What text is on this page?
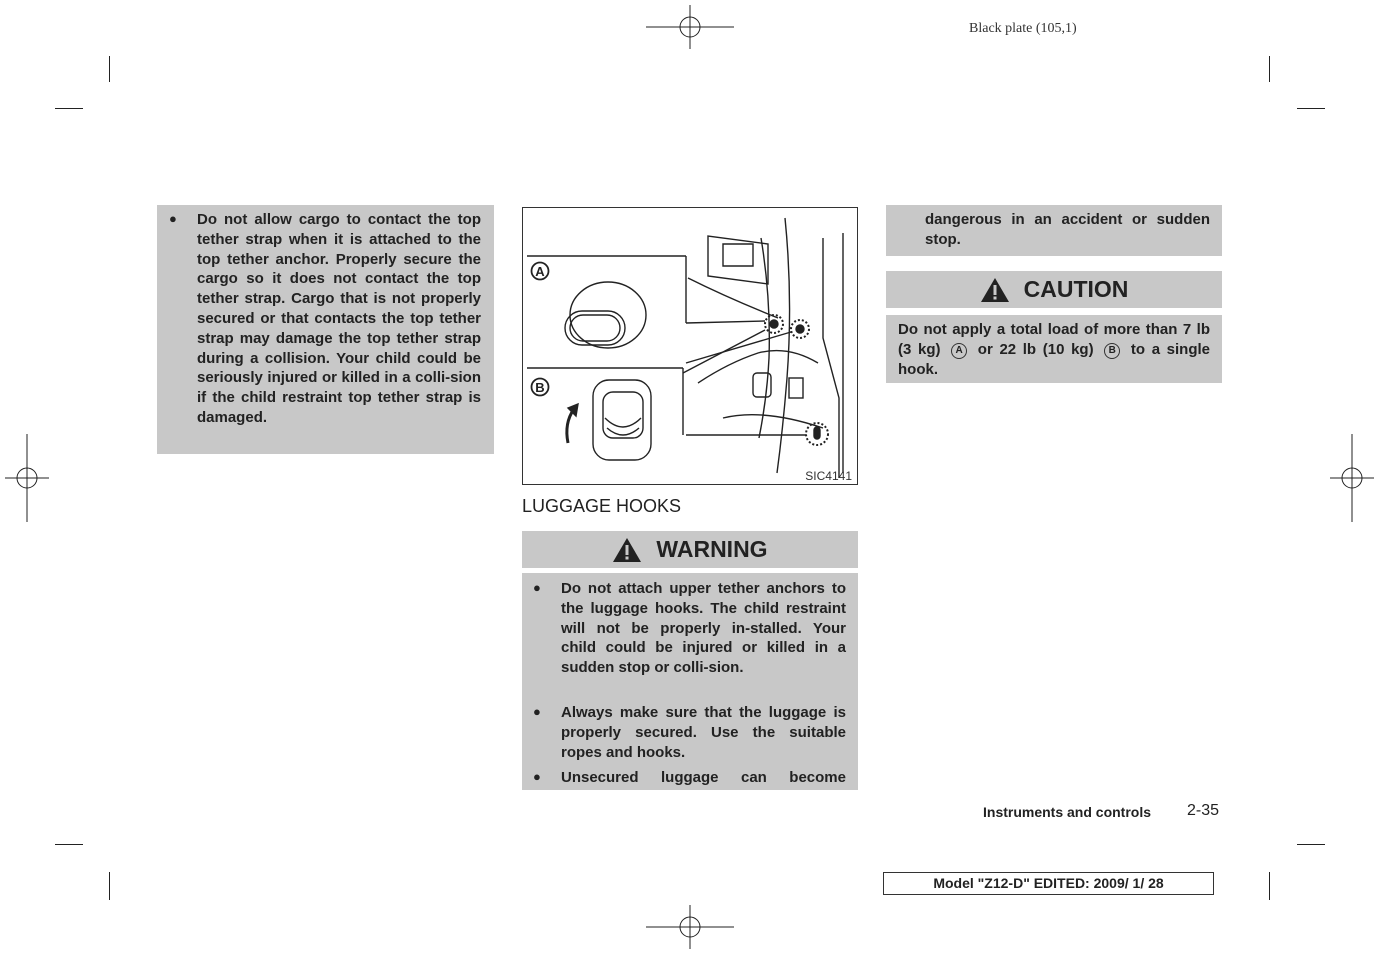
Black plate (105,1)
● Do not allow cargo to contact the top tether strap when it is attached to the top tether anchor. Properly secure the cargo so it does not contact the top tether strap. Cargo that is not properly secured or that contacts the top tether strap may damage the top tether strap during a collision. Your child could be seriously injured or killed in a colli-sion if the child restraint top tether strap is damaged.
A
B
SIC4141
LUGGAGE HOOKS
WARNING
● Do not attach upper tether anchors to the luggage hooks. The child restraint will not be properly in-stalled. Your child could be injured or killed in a sudden stop or colli-sion.
● Always make sure that the luggage is properly secured. Use the suitable ropes and hooks.
● Unsecured luggage can become
dangerous in an accident or sudden stop.
CAUTION
Do not apply a total load of more than 7 lb (3 kg) A or 22 lb (10 kg) B to a single hook.
Instruments and controls 2-35
Model "Z12-D" EDITED: 2009/ 1/ 28
